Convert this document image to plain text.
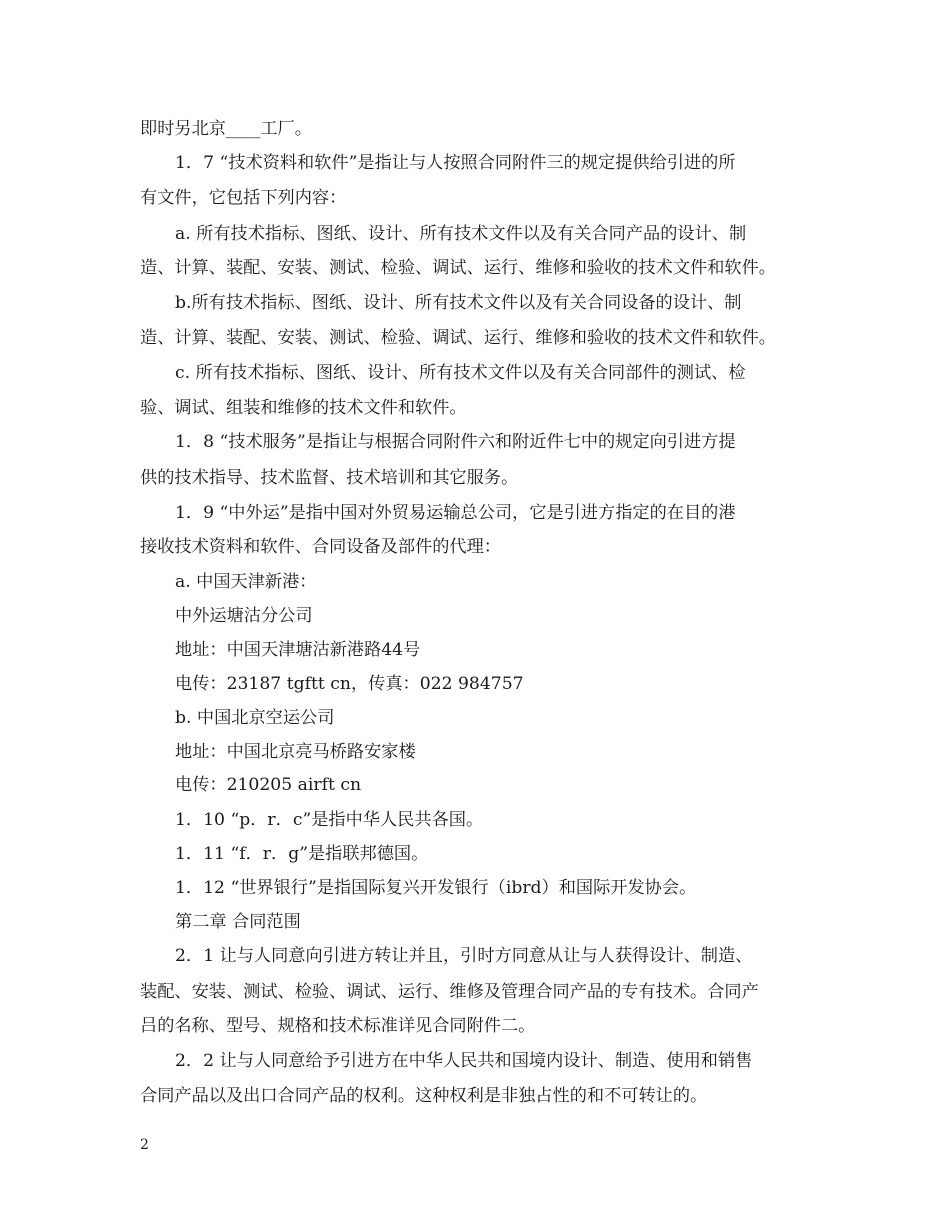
即时另北京____工厂。
1．7 “技术资料和软件”是指让与人按照合同附件三的规定提供给引进的所
有文件，它包括下列内容：
a. 所有技术指标、图纸、设计、所有技术文件以及有关合同产品的设计、制
造、计算、装配、安装、测试、检验、调试、运行、维修和验收的技术文件和软件。
b.所有技术指标、图纸、设计、所有技术文件以及有关合同设备的设计、制
造、计算、装配、安装、测试、检验、调试、运行、维修和验收的技术文件和软件。
c. 所有技术指标、图纸、设计、所有技术文件以及有关合同部件的测试、检
验、调试、组装和维修的技术文件和软件。
1．8 “技术服务”是指让与根据合同附件六和附近件七中的规定向引进方提
供的技术指导、技术监督、技术培训和其它服务。
1．9 “中外运”是指中国对外贸易运输总公司，它是引进方指定的在目的港
接收技术资料和软件、合同设备及部件的代理：
a. 中国天津新港：
中外运塘沽分公司
地址：中国天津塘沽新港路44号
电传：23187 tgftt cn，传真：022 984757
b. 中国北京空运公司
地址：中国北京亮马桥路安家楼
电传：210205 airft cn
1．10 “p．r．c”是指中华人民共各国。
1．11 “f．r．g”是指联邦德国。
1．12 “世界银行”是指国际复兴开发银行（ibrd）和国际开发协会。
第二章 合同范围
2．1 让与人同意向引进方转让并且，引时方同意从让与人获得设计、制造、
装配、安装、测试、检验、调试、运行、维修及管理合同产品的专有技术。合同产
吕的名称、型号、规格和技术标准详见合同附件二。
2．2 让与人同意给予引进方在中华人民共和国境内设计、制造、使用和销售
合同产品以及出口合同产品的权利。这种权利是非独占性的和不可转让的。
2
